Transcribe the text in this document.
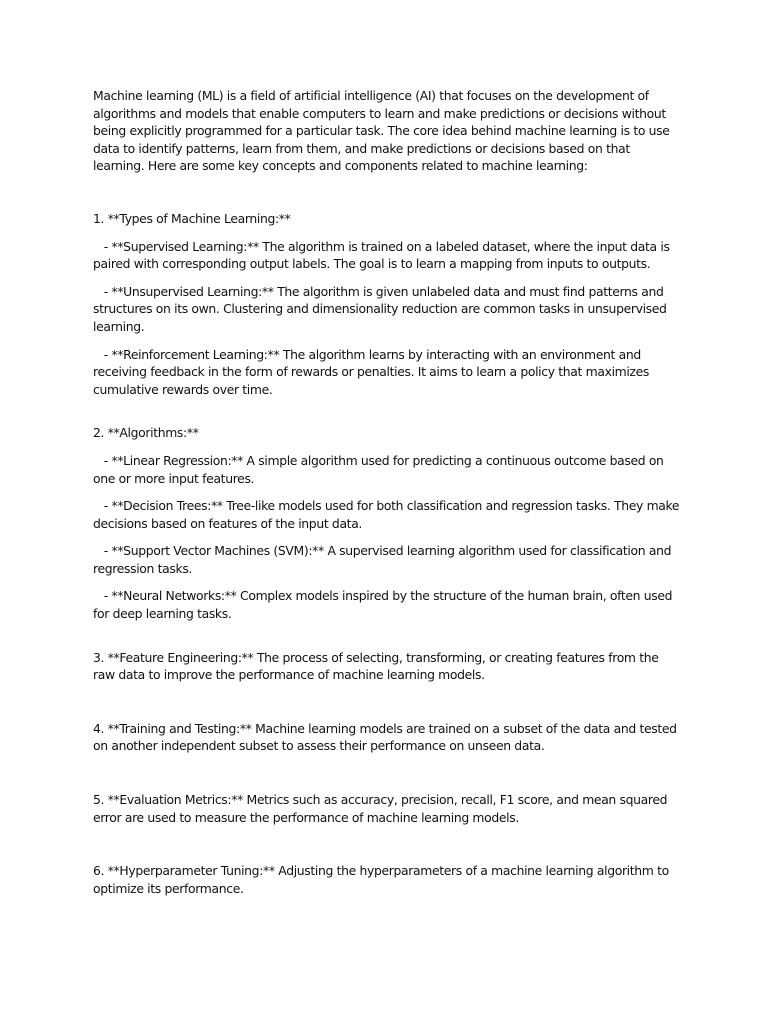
Machine learning (ML) is a field of artificial intelligence (AI) that focuses on the development of algorithms and models that enable computers to learn and make predictions or decisions without being explicitly programmed for a particular task. The core idea behind machine learning is to use data to identify patterns, learn from them, and make predictions or decisions based on that learning. Here are some key concepts and components related to machine learning:

1. **Types of Machine Learning:**

- **Supervised Learning:** The algorithm is trained on a labeled dataset, where the input data is paired with corresponding output labels. The goal is to learn a mapping from inputs to outputs.

- **Unsupervised Learning:** The algorithm is given unlabeled data and must find patterns and structures on its own. Clustering and dimensionality reduction are common tasks in unsupervised learning.

- **Reinforcement Learning:** The algorithm learns by interacting with an environment and receiving feedback in the form of rewards or penalties. It aims to learn a policy that maximizes cumulative rewards over time.

2. **Algorithms:**

- **Linear Regression:** A simple algorithm used for predicting a continuous outcome based on one or more input features.

- **Decision Trees:** Tree-like models used for both classification and regression tasks. They make decisions based on features of the input data.

- **Support Vector Machines (SVM):** A supervised learning algorithm used for classification and regression tasks.

- **Neural Networks:** Complex models inspired by the structure of the human brain, often used for deep learning tasks.

3. **Feature Engineering:** The process of selecting, transforming, or creating features from the raw data to improve the performance of machine learning models.

4. **Training and Testing:** Machine learning models are trained on a subset of the data and tested on another independent subset to assess their performance on unseen data.

5. **Evaluation Metrics:** Metrics such as accuracy, precision, recall, F1 score, and mean squared error are used to measure the performance of machine learning models.

6. **Hyperparameter Tuning:** Adjusting the hyperparameters of a machine learning algorithm to optimize its performance.
